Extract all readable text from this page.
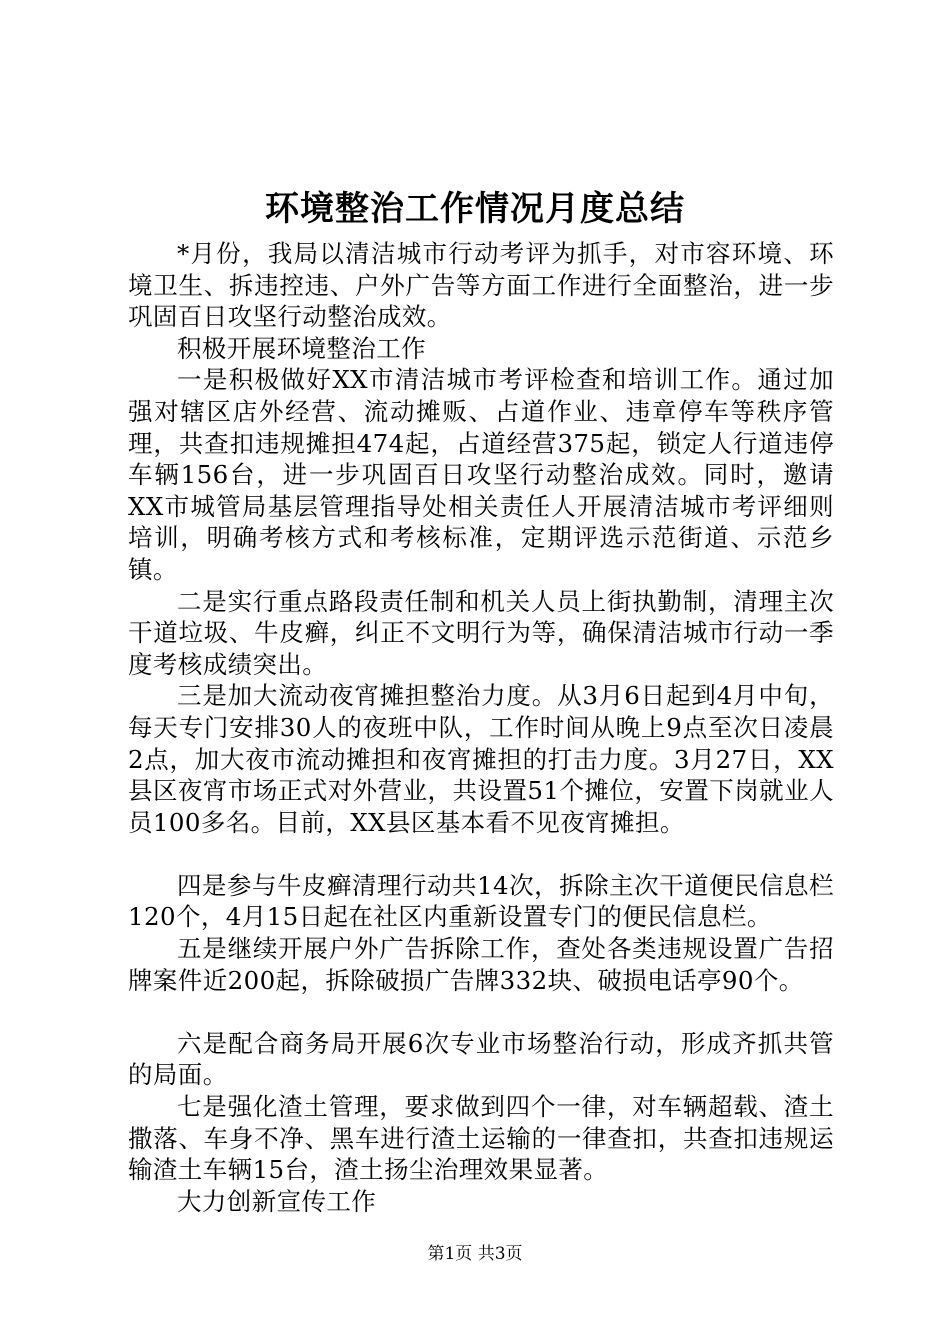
环境整治工作情况月度总结

*月份，我局以清洁城市行动考评为抓手，对市容环境、环境卫生、拆违控违、户外广告等方面工作进行全面整治，进一步巩固百日攻坚行动整治成效。

积极开展环境整治工作

一是积极做好XX市清洁城市考评检查和培训工作。通过加强对辖区店外经营、流动摊贩、占道作业、违章停车等秩序管理，共查扣违规摊担474起，占道经营375起，锁定人行道违停车辆156台，进一步巩固百日攻坚行动整治成效。同时，邀请XX市城管局基层管理指导处相关责任人开展清洁城市考评细则培训，明确考核方式和考核标准，定期评选示范街道、示范乡镇。

二是实行重点路段责任制和机关人员上街执勤制，清理主次干道垃圾、牛皮癣，纠正不文明行为等，确保清洁城市行动一季度考核成绩突出。

三是加大流动夜宵摊担整治力度。从3月6日起到4月中旬，每天专门安排30人的夜班中队，工作时间从晚上9点至次日凌晨2点，加大夜市流动摊担和夜宵摊担的打击力度。3月27日，XX县区夜宵市场正式对外营业，共设置51个摊位，安置下岗就业人员100多名。目前，XX县区基本看不见夜宵摊担。

四是参与牛皮癣清理行动共14次，拆除主次干道便民信息栏120个，4月15日起在社区内重新设置专门的便民信息栏。

五是继续开展户外广告拆除工作，查处各类违规设置广告招牌案件近200起，拆除破损广告牌332块、破损电话亭90个。

六是配合商务局开展6次专业市场整治行动，形成齐抓共管的局面。

七是强化渣土管理，要求做到四个一律，对车辆超载、渣土撒落、车身不净、黑车进行渣土运输的一律查扣，共查扣违规运输渣土车辆15台，渣土扬尘治理效果显著。

大力创新宣传工作

第1页 共3页
